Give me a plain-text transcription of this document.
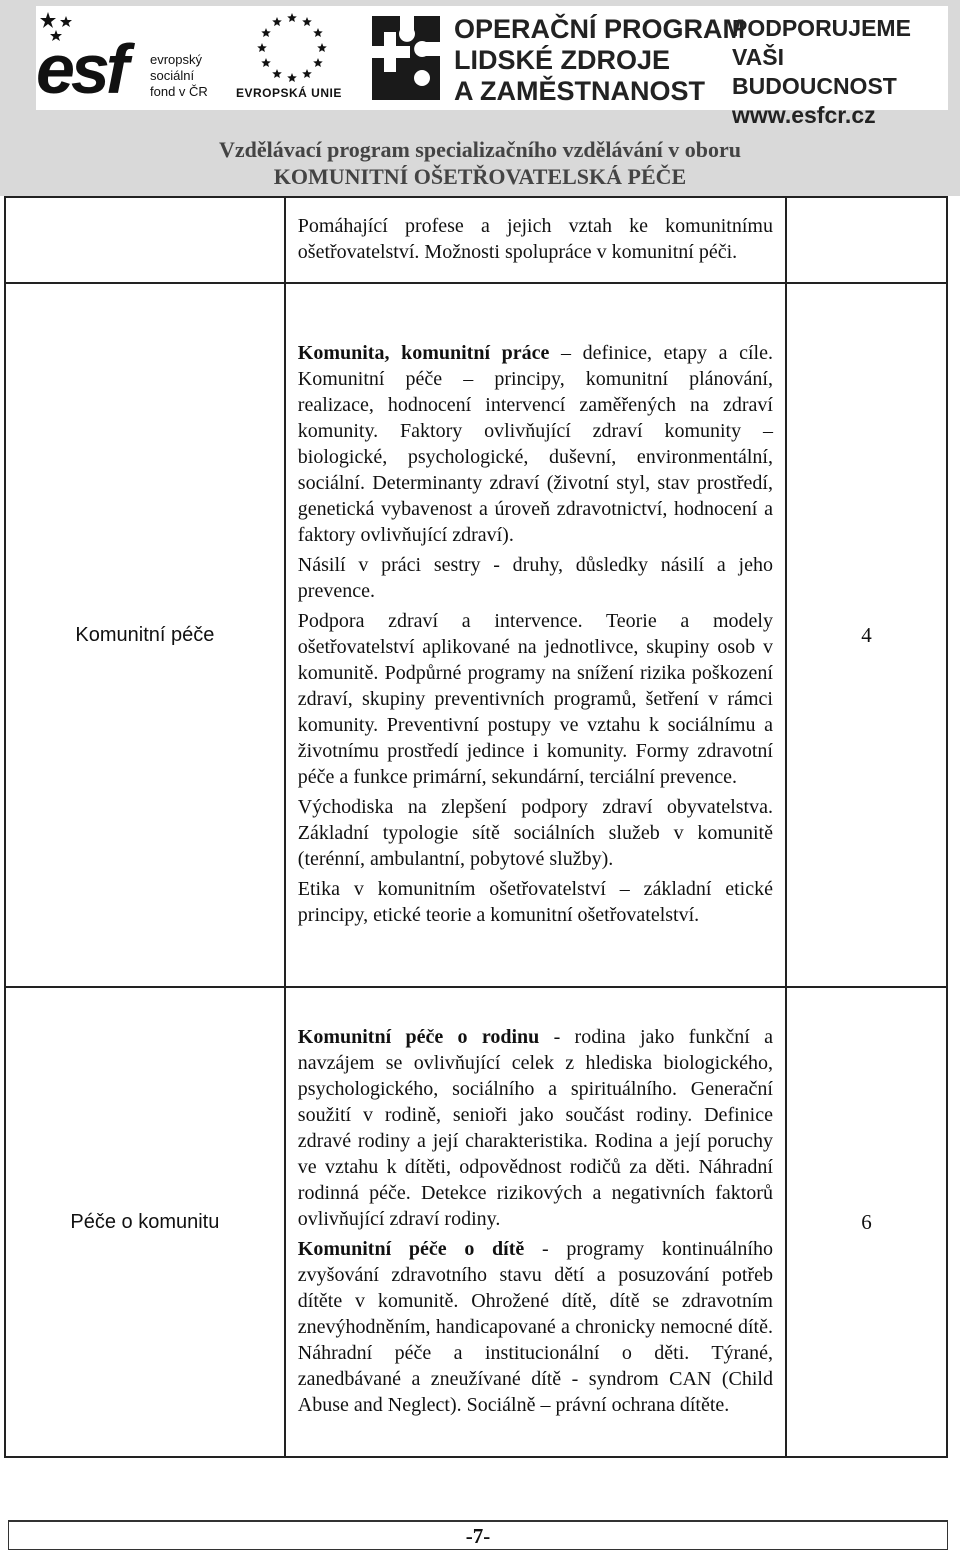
esf evropský
sociální
fond v ČR EVROPSKÁ UNIE
OPERAČNÍ PROGRAM
LIDSKÉ ZDROJE
A ZAMĚSTNANOST
PODPORUJEME
VAŠI BUDOUCNOST
www.esfcr.cz
Vzdělávací program specializačního vzdělávání v oboru
KOMUNITNÍ OŠETŘOVATELSKÁ PÉČE

	Pomáhající profese a jejich vztah ke komunitnímu ošetřovatelství. Možnosti spolupráce v komunitní péči.	

Komunitní péče	Komunita, komunitní práce – definice, etapy a cíle. Komunitní péče – principy, komunitní plánování, realizace, hodnocení intervencí zaměřených na zdraví komunity. Faktory ovlivňující zdraví komunity – biologické, psychologické, duševní, environmentální, sociální. Determinanty zdraví (životní styl, stav prostředí, genetická vybavenost a úroveň zdravotnictví, hodnocení a faktory ovlivňující zdraví).

Násilí v práci sestry - druhy, důsledky násilí a jeho prevence.

Podpora zdraví a intervence. Teorie a modely ošetřovatelství aplikované na jednotlivce, skupiny osob v komunitě. Podpůrné programy na snížení rizika poškození zdraví, skupiny preventivních programů, šetření v rámci komunity. Preventivní postupy ve vztahu k sociálnímu a životnímu prostředí jedince i komunity. Formy zdravotní péče a funkce primární, sekundární, terciální prevence.

Východiska na zlepšení podpory zdraví obyvatelstva. Základní typologie sítě sociálních služeb v komunitě (terénní, ambulantní, pobytové služby).

Etika v komunitním ošetřovatelství – základní etické principy, etické teorie a komunitní ošetřovatelství.	4
Péče o komunitu	Komunitní péče o rodinu - rodina jako funkční a navzájem se ovlivňující celek z hlediska biologického, psychologického, sociálního a spirituálního. Generační soužití v rodině, senioři jako součást rodiny. Definice zdravé rodiny a její charakteristika. Rodina a její poruchy ve vztahu k dítěti, odpovědnost rodičů za děti. Náhradní rodinná péče. Detekce rizikových a negativních faktorů ovlivňující zdraví rodiny.

Komunitní péče o dítě - programy kontinuálního zvyšování zdravotního stavu dětí a posuzování potřeb dítěte v komunitě. Ohrožené dítě, dítě se zdravotním znevýhodněním, handicapované a chronicky nemocné dítě. Náhradní péče a institucionální o děti. Týrané, zanedbávané a zneužívané dítě - syndrom CAN (Child Abuse and Neglect). Sociálně – právní ochrana dítěte.	6
-7-
